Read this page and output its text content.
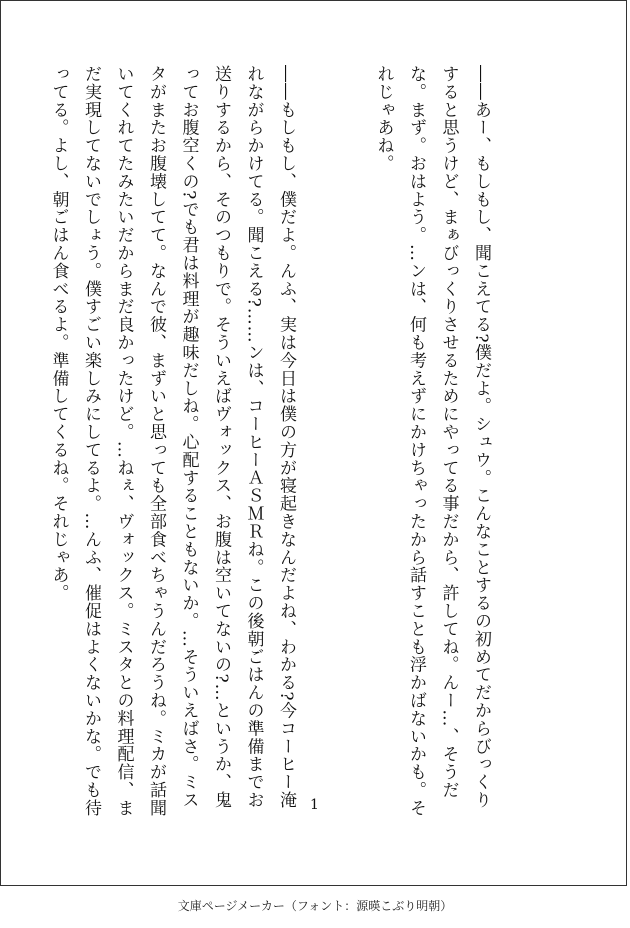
――あー、もしもし、聞こえてる?僕だよ。シュウ。こんなことするの初めてだからびっくりすると思うけど、まぁびっくりさせるためにやってる事だから、許してね。んー…、そうだな。まず。おはよう。…ンは、何も考えずにかけちゃったから話すことも浮かばないかも。それじゃあね。

――もしもし、僕だよ。んふ、実は今日は僕の方が寝起きなんだよね、わかる?今コーヒー淹れながらかけてる。聞こえる?……ンは、コーヒーＡＳＭＲね。この後朝ごはんの準備までお送りするから、そのつもりで。そういえばヴォックス、お腹は空いてないの?…というか、鬼ってお腹空くの?でも君は料理が趣味だしね。心配することもないか。…そういえばさ。ミスタがまたお腹壊してて。なんで彼、まずいと思っても全部食べちゃうんだろうね。ミカが話聞いてくれてたみたいだからまだ良かったけど。…ねぇ、ヴォックス。ミスタとの料理配信、まだ実現してないでしょう。僕すごい楽しみにしてるよ。…んふ、催促はよくないかな。でも待ってる。よし、朝ごはん食べるよ。準備してくるね。それじゃあ。

1
文庫ページメーカー（フォント：源暎こぶり明朝）
